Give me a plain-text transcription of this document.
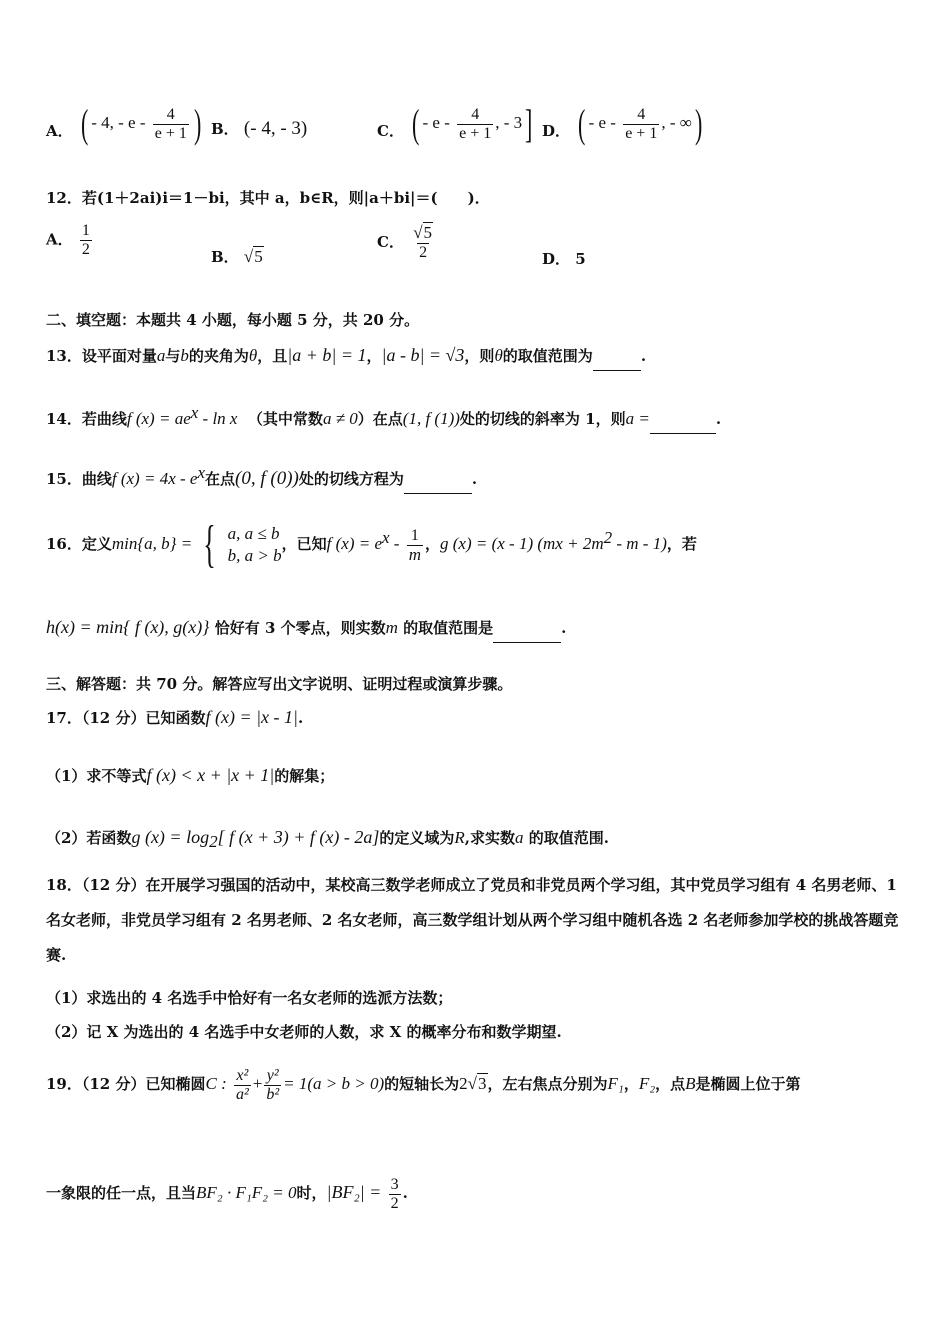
A． ( - 4, - e - $\frac{4}{e + 1}$ ) B． (- 4, - 3)	C． ( - e - $\frac{4}{e + 1}$ , - 3] D． ( - e - $\frac{4}{e + 1}$ , - ∞)
12．若(1＋2ai)i＝1－bi，其中 a，b∈R，则|a＋bi|＝(　　)．
A． $\frac{1}{2}$	B． √5
C． $\frac{√5}{2}$	D． 5
二、填空题：本题共 4 小题，每小题 5 分，共 20 分。
13．设平面对量a与b的夹角为θ，且|a + b| = 1，|a - b| = √3，则θ的取值范围为	.
14．若曲线f $(x) = ae^x - \ln x$ （其中常数a ≠ 0）在点(1, f (1))处的切线的斜率为 1，则a =	.
15．曲线f $(x) = 4x - e^x$在点(0, f (0))处的切线方程为	.
16．定义min{a, b} = { a, a ≤ b
b, a > b
，已知f $(x) = e^x - \frac{1}{m}$ ，g (x) = (x - 1) $(mx + 2m^2 - m - 1)$，若
h(x) = min{ f (x), g(x)} 恰好有 3 个零点，则实数m 的取值范围是	.
三、解答题：共 70 分。解答应写出文字说明、证明过程或演算步骤。
17．（12 分）已知函数f (x) = |x - 1|.
（1）求不等式f (x) < x + |x + 1|的解集；
（2）若函数g $(x) = \log_2$[ f (x + 3) + f (x) - 2a]的定义域为R,求实数a 的取值范围.
18．（12 分）在开展学习强国的活动中，某校高三数学老师成立了党员和非党员两个学习组，其中党员学习组有 4 名男老师、1 名女老师，非党员学习组有 2 名男老师、2 名女老师，高三数学组计划从两个学习组中随机各选 2 名老师参加学校的挑战答题竞赛.
（1）求选出的 4 名选手中恰好有一名女老师的选派方法数；
（2）记 X 为选出的 4 名选手中女老师的人数，求 X 的概率分布和数学期望.
19．（12 分）已知椭圆C : $\frac{\text{x²}}{\text{a²}} + \frac{\text{y²}}{\text{b²}} = 1(a > b > 0)$的短轴长为2√3，左右焦点分别为F₁，F₂，点B是椭圆上位于第
一象限的任一点，且当BF₂ · F₁F₂ = 0时，$|BF_2| = \frac{3}{2}$ .
